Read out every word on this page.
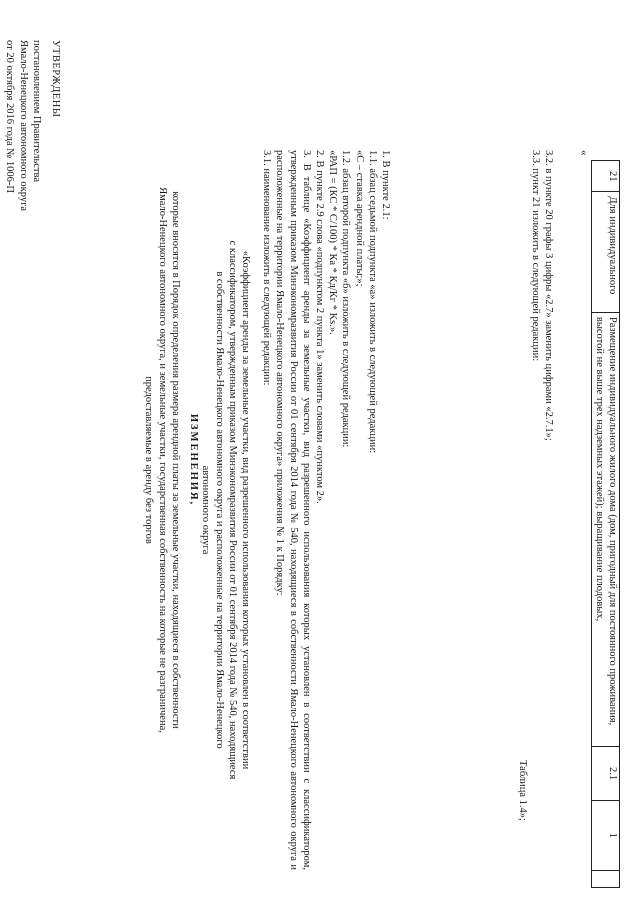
УТВЕРЖДЕНЫ
постановлением Правительства
Ямало-Ненецкого автономного округа
от 20 октября 2016 года № 1006-П
ИЗМЕНЕНИЯ,
которые вносятся в Порядок определения размера арендной платы за земельные участки, находящиеся в собственности
Ямало-Ненецкого автономного округа, и земельные участки, государственная собственность на которые не разграничена,
предоставляемые в аренду без торгов
1. В пункте 2.1:
1.1. абзац седьмой подпункта «а» изложить в следующей редакции:
«С – ставка арендной платы;»;
1.2. абзац второй подпункта «б» изложить в следующей редакции:
«РАП = (КС * С/100) * Ка * Кд/Кг * Ks.».
2. В пункте 2.9 слова «подпунктом 2 пункта 1» заменить словами «пунктом 2».
3. В таблице «Коэффициент аренды за земельные участки, вид разрешенного использования которых установлен в соответствии с классификатором, утвержденным приказом Минэкономразвития России от 01 сентября 2014 года № 540, находящиеся в собственности Ямало-Ненецкого автономного округа и расположенные на территории Ямало-Ненецкого автономного округа» приложения № 1 к Порядку:
3.1. наименование изложить в следующей редакции:
«Коэффициент аренды за земельные участки, вид разрешенного использования которых установлен в соответствии
с классификатором, утвержденным приказом Минэкономразвития России от 01 сентября 2014 года № 540, находящиеся
в собственности Ямало-Ненецкого автономного округа и расположенные на территории Ямало-Ненецкого
автономного округа
Таблица 1.4»;
3.2. в пункте 20 графы 3 цифры «2.7» заменить цифрами «2.7.1»;
3.3. пункт 21 изложить в следующей редакции:	«
21	Для индивидуального	Размещение индивидуального жилого дома (дом, пригодный для постоянного проживания, высотой не выше трех надземных этажей); выращивание плодовых,	2.1	1	
